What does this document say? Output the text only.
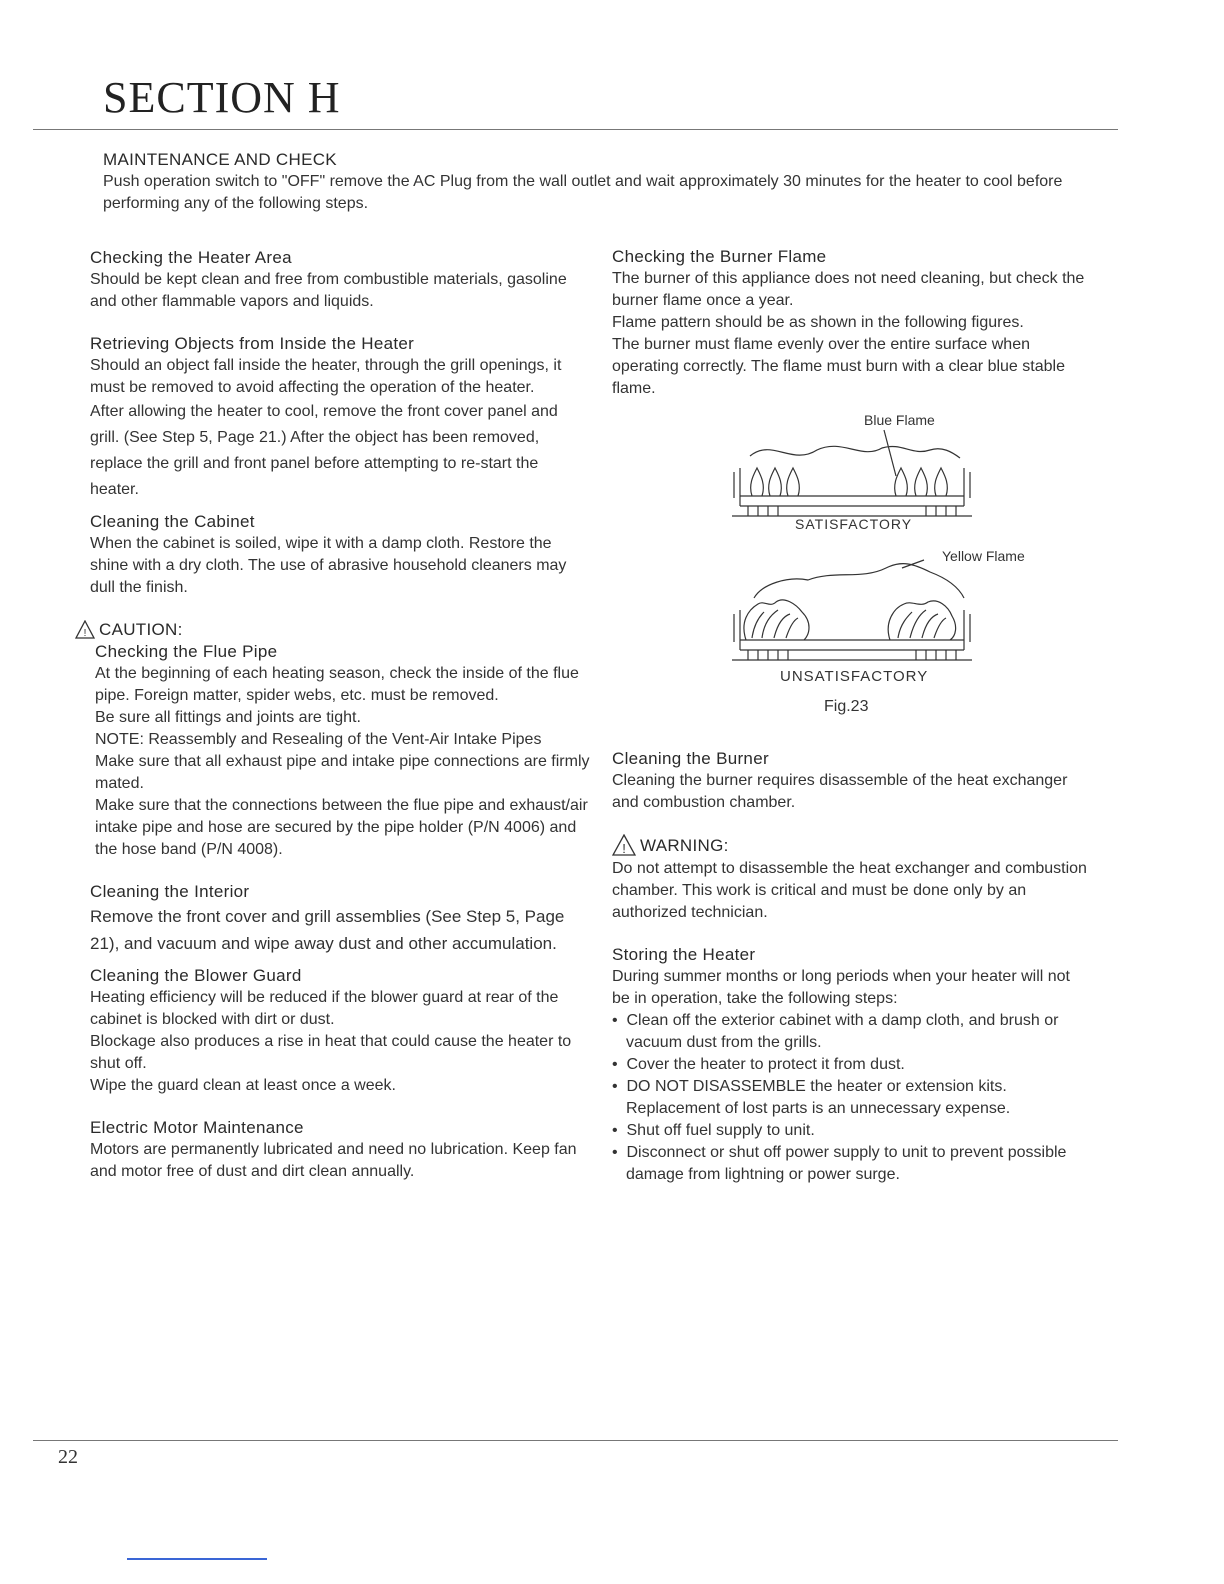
SECTION H

MAINTENANCE AND CHECK

Push operation switch to "OFF" remove the AC Plug from the wall outlet and wait approximately 30 minutes for the heater to cool before performing any of the following steps.

Checking the Heater Area

Should be kept clean and free from combustible materials, gasoline and other flammable vapors and liquids.

Retrieving Objects from Inside the Heater

Should an object fall inside the heater, through the grill openings, it must be removed to avoid affecting the operation of the heater.

After allowing the heater to cool, remove the front cover panel and grill. (See Step 5, Page 21.) After the object has been removed, replace the grill and front panel before attempting to re-start the heater.

Cleaning the Cabinet

When the cabinet is soiled, wipe it with a damp cloth. Restore the shine with a dry cloth. The use of abrasive household cleaners may dull the finish.

! CAUTION:

Checking the Flue Pipe

At the beginning of each heating season, check the inside of the flue pipe. Foreign matter, spider webs, etc. must be removed.

Be sure all fittings and joints are tight.

NOTE: Reassembly and Resealing of the Vent-Air Intake Pipes

Make sure that all exhaust pipe and intake pipe connections are firmly mated.

Make sure that the connections between the flue pipe and exhaust/air intake pipe and hose are secured by the pipe holder (P/N 4006) and the hose band (P/N 4008).

Cleaning the Interior

Remove the front cover and grill assemblies (See Step 5, Page 21), and vacuum and wipe away dust and other accumulation.

Cleaning the Blower Guard

Heating efficiency will be reduced if the blower guard at rear of the cabinet is blocked with dirt or dust.

Blockage also produces a rise in heat that could cause the heater to shut off.

Wipe the guard clean at least once a week.

Electric Motor Maintenance

Motors are permanently lubricated and need no lubrication. Keep fan and motor free of dust and dirt clean annually.

Checking the Burner Flame

The burner of this appliance does not need cleaning, but check the burner flame once a year.

Flame pattern should be as shown in the following figures.

The burner must flame evenly over the entire surface when operating correctly. The flame must burn with a clear blue stable flame.

Blue Flame
SATISFACTORY
Yellow Flame
UNSATISFACTORY
Fig.23

Cleaning the Burner

Cleaning the burner requires disassemble of the heat exchanger and combustion chamber.

! WARNING:

Do not attempt to disassemble the heat exchanger and combustion chamber. This work is critical and must be done only by an authorized technician.

Storing the Heater

During summer months or long periods when your heater will not be in operation, take the following steps:

•  Clean off the exterior cabinet with a damp cloth, and brush or vacuum dust from the grills.
•  Cover the heater to protect it from dust.
•  DO NOT DISASSEMBLE the heater or extension kits. Replacement of lost parts is an unnecessary expense.
•  Shut off fuel supply to unit.
•  Disconnect or shut off power supply to unit to prevent possible damage from lightning or power surge.
22
